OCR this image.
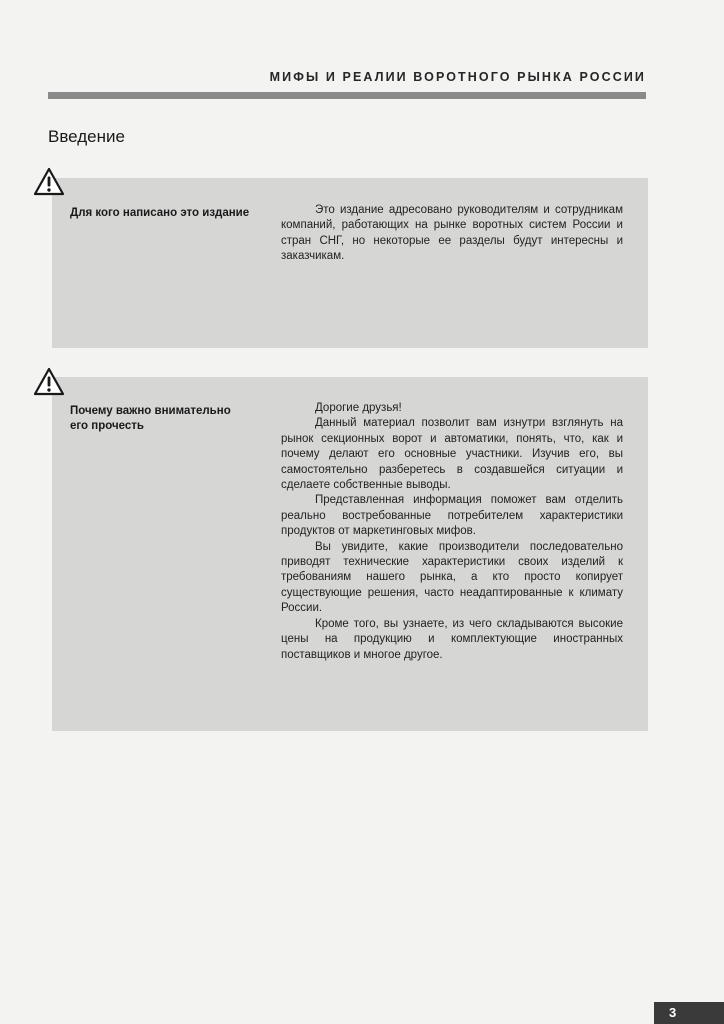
МИФЫ И РЕАЛИИ ВОРОТНОГО РЫНКА РОССИИ
Введение
Для кого написано это издание	Это издание адресовано руководителям и сотрудникам компаний, работающих на рынке воротных систем России и стран СНГ, но некоторые ее разделы будут интересны и заказчикам.

Почему важно внимательно его прочесть

Дорогие друзья!

Данный материал позволит вам изнутри взглянуть на рынок секционных ворот и автоматики, понять, что, как и почему делают его основные участники. Изучив его, вы самостоятельно разберетесь в создавшейся ситуации и сделаете собственные выводы.

Представленная информация поможет вам отделить реально востребованные потребителем характеристики продуктов от маркетинговых мифов.

Вы увидите, какие производители последовательно приводят технические характеристики своих изделий к требованиям нашего рынка, а кто просто копирует существующие решения, часто неадаптированные к климату России.

Кроме того, вы узнаете, из чего складываются высокие цены на продукцию и комплектующие иностранных поставщиков и многое другое.

3
